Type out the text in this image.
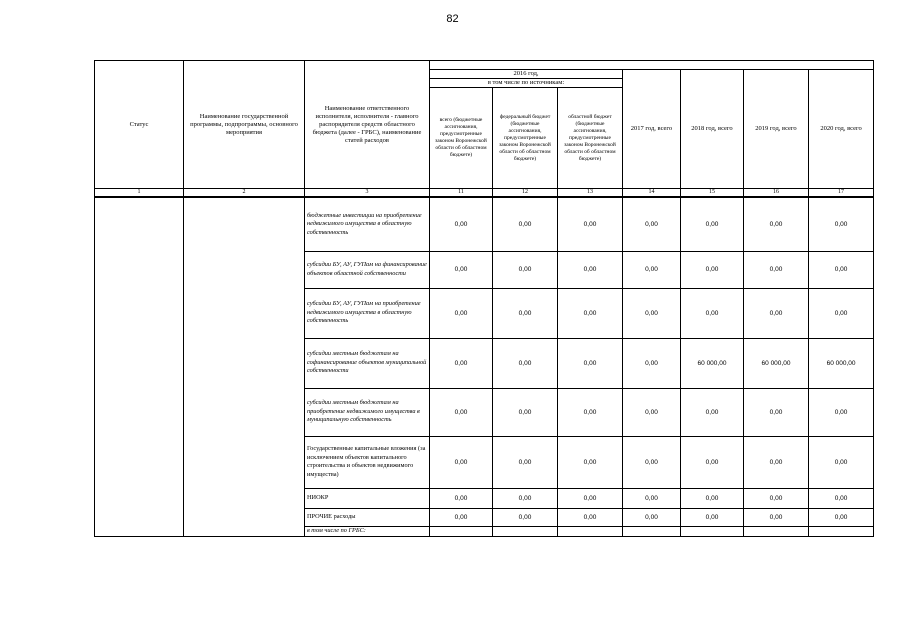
82
Статус	Наименование государственной программы, подпрограммы, основного мероприятия	Наименование ответственного исполнителя, исполнителя - главного распорядителя средств областного бюджета (далее - ГРБС), наименование статей расходов							
			2016 год,			2017 год, всего	2018 год, всего	2019 год, всего	2020 год, всего
			в том числе по источникам:						
			всего (бюджетные ассигнования, предусмотренные законом Воронежской области об областном бюджете)	федеральный бюджет (бюджетные ассигнования, предусмотренные законом Воронежской области об областном бюджете)	областной бюджет (бюджетные ассигнования, предусмотренные законом Воронежской области об областном бюджете)				
1	2	3	11	12	13	14	15	16	17
		бюджетные инвестиции на приобретение недвижимого имущества в областную собственность	0,00	0,00	0,00	0,00	0,00	0,00	0,00
		субсидии БУ, АУ, ГУПам на финансирование объектов областной собственности	0,00	0,00	0,00	0,00	0,00	0,00	0,00
		субсидии БУ, АУ, ГУПам на приобретение недвижимого имущества в областную собственность	0,00	0,00	0,00	0,00	0,00	0,00	0,00
		субсидии местным бюджетам на софинансирование объектов муниципальной собственности	0,00	0,00	0,00	0,00	60 000,00	60 000,00	60 000,00
		субсидии местным бюджетам на приобретение недвижимого имущества в муниципальную собственность	0,00	0,00	0,00	0,00	0,00	0,00	0,00
		Государственные капитальные вложения (за исключением объектов капитального строительства и объектов недвижимого имущества)	0,00	0,00	0,00	0,00	0,00	0,00	0,00
		НИОКР	0,00	0,00	0,00	0,00	0,00	0,00	0,00
		ПРОЧИЕ расходы	0,00	0,00	0,00	0,00	0,00	0,00	0,00
		в том числе по ГРБС:							
